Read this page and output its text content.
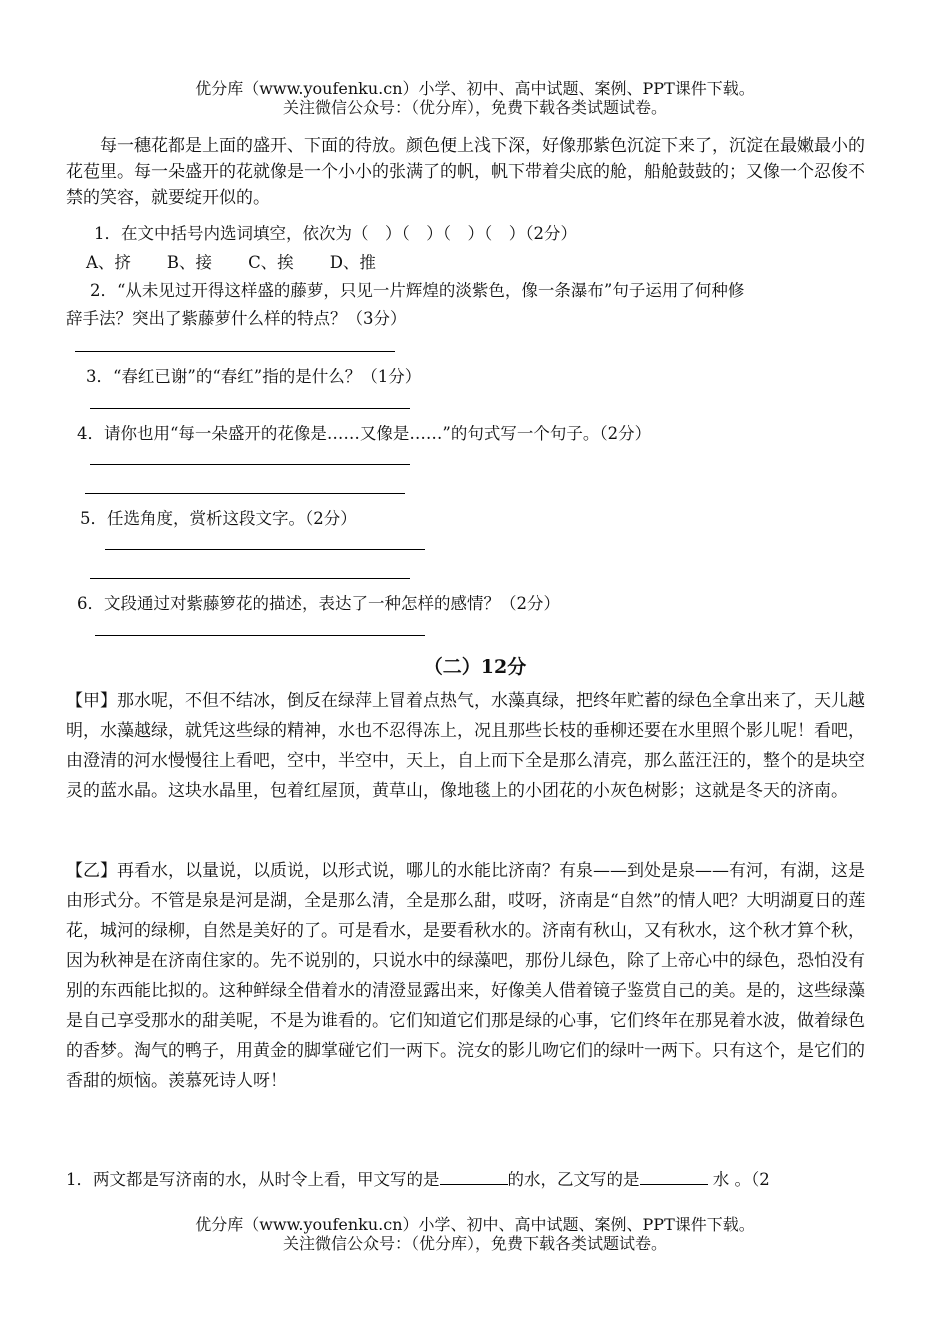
优分库（www.youfenku.cn）小学、初中、高中试题、案例、PPT课件下载。
关注微信公众号：（优分库），免费下载各类试题试卷。
每一穗花都是上面的盛开、下面的待放。颜色便上浅下深，好像那紫色沉淀下来了，沉淀在最嫩最小的花苞里。每一朵盛开的花就像是一个小小的张满了的帆，帆下带着尖底的舱，船舱鼓鼓的；又像一个忍俊不禁的笑容，就要绽开似的。
1．在文中括号内选词填空，依次为（　）（　）（　）（　）（2分）
A、挤 B、接 C、挨 D、推
2．“从未见过开得这样盛的藤萝，只见一片辉煌的淡紫色，像一条瀑布”句子运用了何种修
辞手法？突出了紫藤萝什么样的特点？（3分）
3．“春红已谢”的“春红”指的是什么？（1分）
4．请你也用“每一朵盛开的花像是……又像是……”的句式写一个句子。（2分）
5．任选角度，赏析这段文字。（2分）
6．文段通过对紫藤箩花的描述，表达了一种怎样的感情？（2分）
（二）12分
【甲】那水呢，不但不结冰，倒反在绿萍上冒着点热气，水藻真绿，把终年贮蓄的绿色全拿出来了，天儿越明，水藻越绿，就凭这些绿的精神，水也不忍得冻上，况且那些长枝的垂柳还要在水里照个影儿呢！看吧，由澄清的河水慢慢往上看吧，空中，半空中，天上，自上而下全是那么清亮，那么蓝汪汪的，整个的是块空灵的蓝水晶。这块水晶里，包着红屋顶，黄草山，像地毯上的小团花的小灰色树影；这就是冬天的济南。
【乙】再看水，以量说，以质说，以形式说，哪儿的水能比济南？有泉——到处是泉——有河，有湖，这是由形式分。不管是泉是河是湖，全是那么清，全是那么甜，哎呀，济南是“自然”的情人吧？大明湖夏日的莲花，城河的绿柳，自然是美好的了。可是看水，是要看秋水的。济南有秋山，又有秋水，这个秋才算个秋，因为秋神是在济南住家的。先不说别的，只说水中的绿藻吧，那份儿绿色，除了上帝心中的绿色，恐怕没有别的东西能比拟的。这种鲜绿全借着水的清澄显露出来，好像美人借着镜子鉴赏自己的美。是的，这些绿藻是自己享受那水的甜美呢，不是为谁看的。它们知道它们那是绿的心事，它们终年在那晃着水波，做着绿色的香梦。淘气的鸭子，用黄金的脚掌碰它们一两下。浣女的影儿吻它们的绿叶一两下。只有这个，是它们的香甜的烦恼。羡慕死诗人呀！
1．两文都是写济南的水，从时令上看，甲文写的是	的水，乙文写的是	水 。（2
优分库（www.youfenku.cn）小学、初中、高中试题、案例、PPT课件下载。
关注微信公众号：（优分库），免费下载各类试题试卷。
